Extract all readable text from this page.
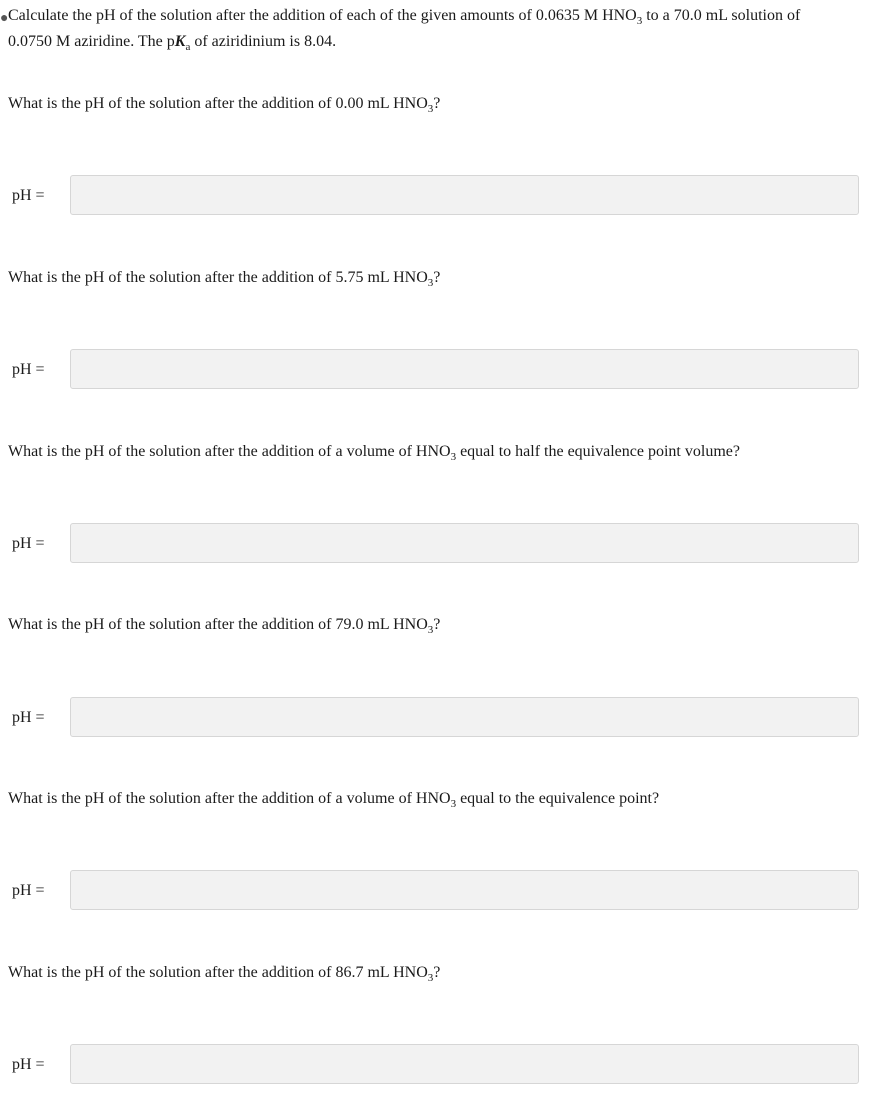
● Calculate the pH of the solution after the addition of each of the given amounts of 0.0635 M $HNO_3$ to a 70.0 mL solution of
0.0750 M aziridine. The $pK_a$ of aziridinium is 8.04.
What is the pH of the solution after the addition of 0.00 mL $HNO_3$?
pH =
What is the pH of the solution after the addition of 5.75 mL $HNO_3$?
pH =
What is the pH of the solution after the addition of a volume of $HNO_3$ equal to half the equivalence point volume?
pH =
What is the pH of the solution after the addition of 79.0 mL $HNO_3$?
pH =
What is the pH of the solution after the addition of a volume of $HNO_3$ equal to the equivalence point?
pH =
What is the pH of the solution after the addition of 86.7 mL $HNO_3$?
pH =
